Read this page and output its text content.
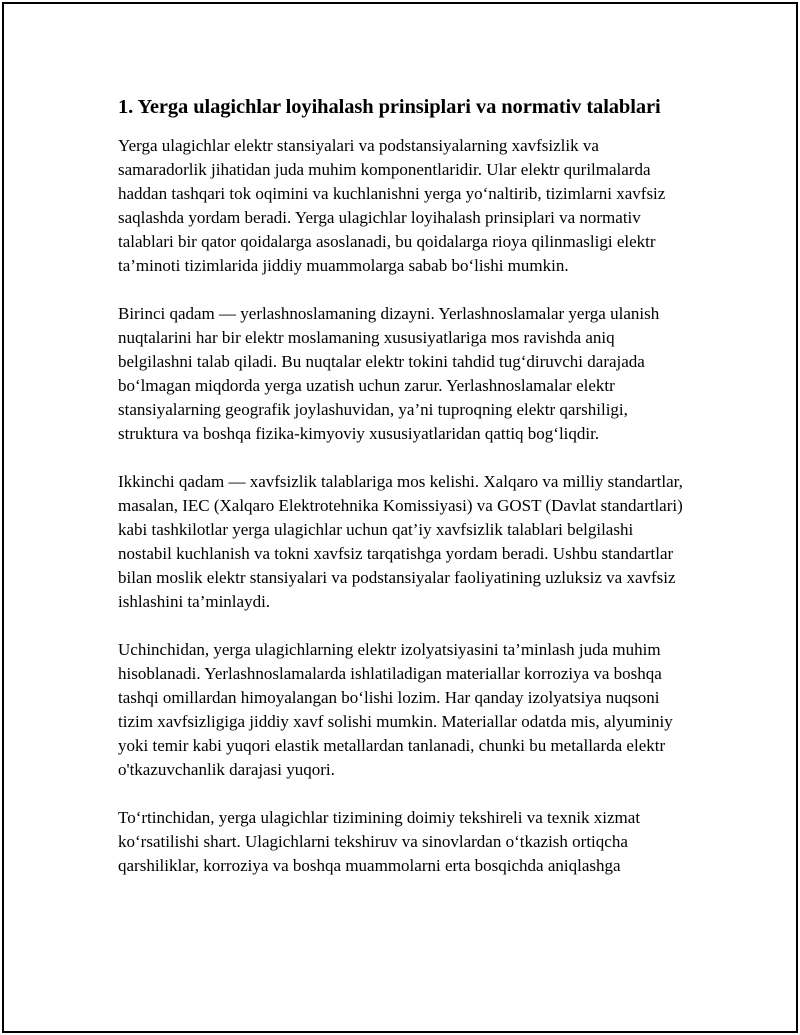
1. Yerga ulagichlar loyihalash prinsiplari va normativ talablari

Yerga ulagichlar elektr stansiyalari va podstansiyalarning xavfsizlik va samaradorlik jihatidan juda muhim komponentlaridir. Ular elektr qurilmalarda haddan tashqari tok oqimini va kuchlanishni yerga yo‘naltirib, tizimlarni xavfsiz saqlashda yordam beradi. Yerga ulagichlar loyihalash prinsiplari va normativ talablari bir qator qoidalarga asoslanadi, bu qoidalarga rioya qilinmasligi elektr ta’minoti tizimlarida jiddiy muammolarga sabab bo‘lishi mumkin.

Birinci qadam — yerlashnoslamaning dizayni. Yerlashnoslamalar yerga ulanish nuqtalarini har bir elektr moslamaning xususiyatlariga mos ravishda aniq belgilashni talab qiladi. Bu nuqtalar elektr tokini tahdid tug‘diruvchi darajada bo‘lmagan miqdorda yerga uzatish uchun zarur. Yerlashnoslamalar elektr stansiyalarning geografik joylashuvidan, ya’ni tuproqning elektr qarshiligi, struktura va boshqa fizika-kimyoviy xususiyatlaridan qattiq bog‘liqdir.

Ikkinchi qadam — xavfsizlik talablariga mos kelishi. Xalqaro va milliy standartlar, masalan, IEC (Xalqaro Elektrotehnika Komissiyasi) va GOST (Davlat standartlari) kabi tashkilotlar yerga ulagichlar uchun qat’iy xavfsizlik talablari belgilashi nostabil kuchlanish va tokni xavfsiz tarqatishga yordam beradi. Ushbu standartlar bilan moslik elektr stansiyalari va podstansiyalar faoliyatining uzluksiz va xavfsiz ishlashini ta’minlaydi.

Uchinchidan, yerga ulagichlarning elektr izolyatsiyasini ta’minlash juda muhim hisoblanadi. Yerlashnoslamalarda ishlatiladigan materiallar korroziya va boshqa tashqi omillardan himoyalangan bo‘lishi lozim. Har qanday izolyatsiya nuqsoni tizim xavfsizligiga jiddiy xavf solishi mumkin. Materiallar odatda mis, alyuminiy yoki temir kabi yuqori elastik metallardan tanlanadi, chunki bu metallarda elektr o'tkazuvchanlik darajasi yuqori.

To‘rtinchidan, yerga ulagichlar tizimining doimiy tekshireli va texnik xizmat ko‘rsatilishi shart. Ulagichlarni tekshiruv va sinovlardan o‘tkazish ortiqcha qarshiliklar, korroziya va boshqa muammolarni erta bosqichda aniqlashga
